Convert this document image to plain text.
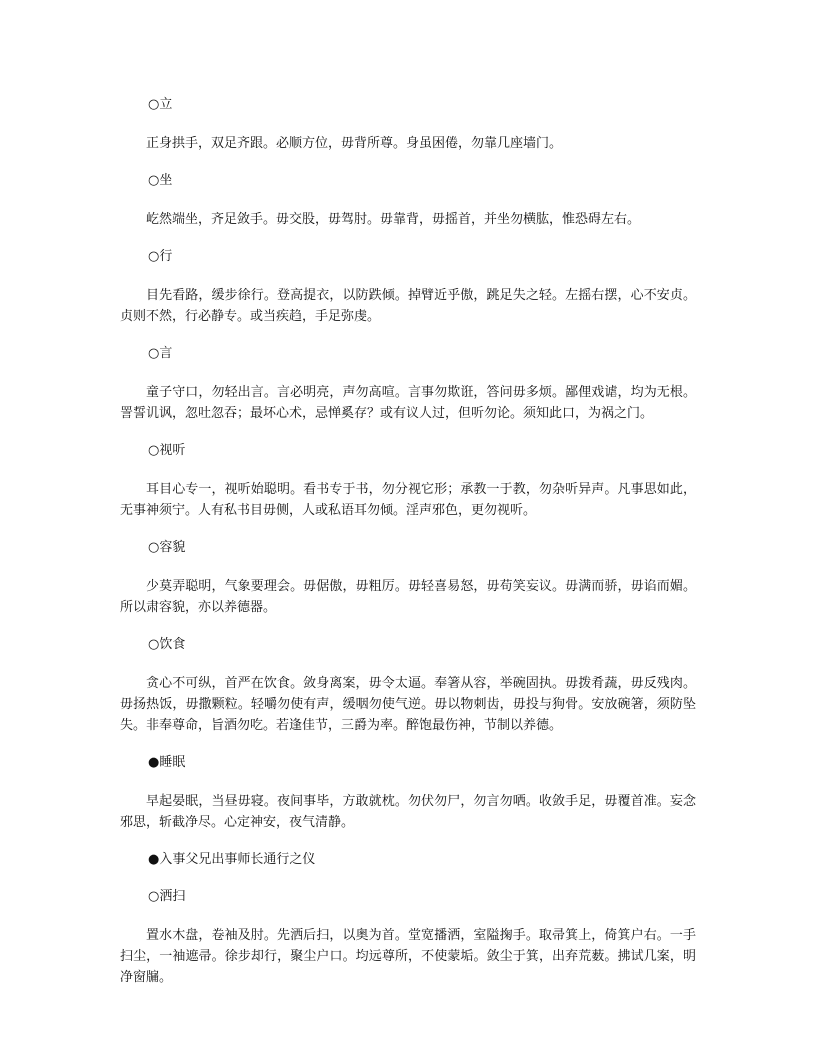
○立

正身拱手，双足齐跟。必顺方位，毋背所尊。身虽困倦，勿靠几座墙门。

○坐

屹然端坐，齐足敛手。毋交股，毋驾肘。毋靠背，毋摇首，并坐勿横肱，惟恐碍左右。

○行

目先看路，缓步徐行。登高提衣，以防跌倾。掉臂近乎傲，跳足失之轻。左摇右摆，心不安贞。贞则不然，行必静专。或当疾趋，手足弥虔。

○言

童子守口，勿轻出言。言必明亮，声勿高喧。言事勿欺诳，答问毋多烦。鄙俚戏谑，均为无根。詈誓讥讽，忽吐忽吞；最坏心术，忌惮奚存？或有议人过，但听勿论。须知此口，为祸之门。

○视听

耳目心专一，视听始聪明。看书专于书，勿分视它形；承教一于教，勿杂听异声。凡事思如此，无事神须宁。人有私书目毋侧，人或私语耳勿倾。淫声邪色，更勿视听。

○容貌

少莫弄聪明，气象要理会。毋倨傲，毋粗厉。毋轻喜易怒，毋苟笑妄议。毋满而骄，毋谄而媚。所以肃容貌，亦以养德器。

○饮食

贪心不可纵，首严在饮食。敛身离案，毋令太逼。奉箸从容，举碗固执。毋拨肴蔬，毋反残肉。毋扬热饭，毋撒颗粒。轻嚼勿使有声，缓咽勿使气逆。毋以物刺齿，毋投与狗骨。安放碗箸，须防坠失。非奉尊命，旨酒勿吃。若逢佳节，三爵为率。醉饱最伤神，节制以养德。

●睡眠

早起晏眠，当昼毋寝。夜间事毕，方敢就枕。勿伏勿尸，勿言勿哂。收敛手足，毋覆首准。妄念邪思，斩截净尽。心定神安，夜气清静。

●入事父兄出事师长通行之仪
○洒扫

置水木盘，卷袖及肘。先洒后扫，以奥为首。堂宽播洒，室隘掬手。取帚箕上，倚箕户右。一手扫尘，一袖遮帚。徐步却行，聚尘户口。均远尊所，不使蒙垢。敛尘于箕，出弃荒薮。拂试几案，明净窗牖。
